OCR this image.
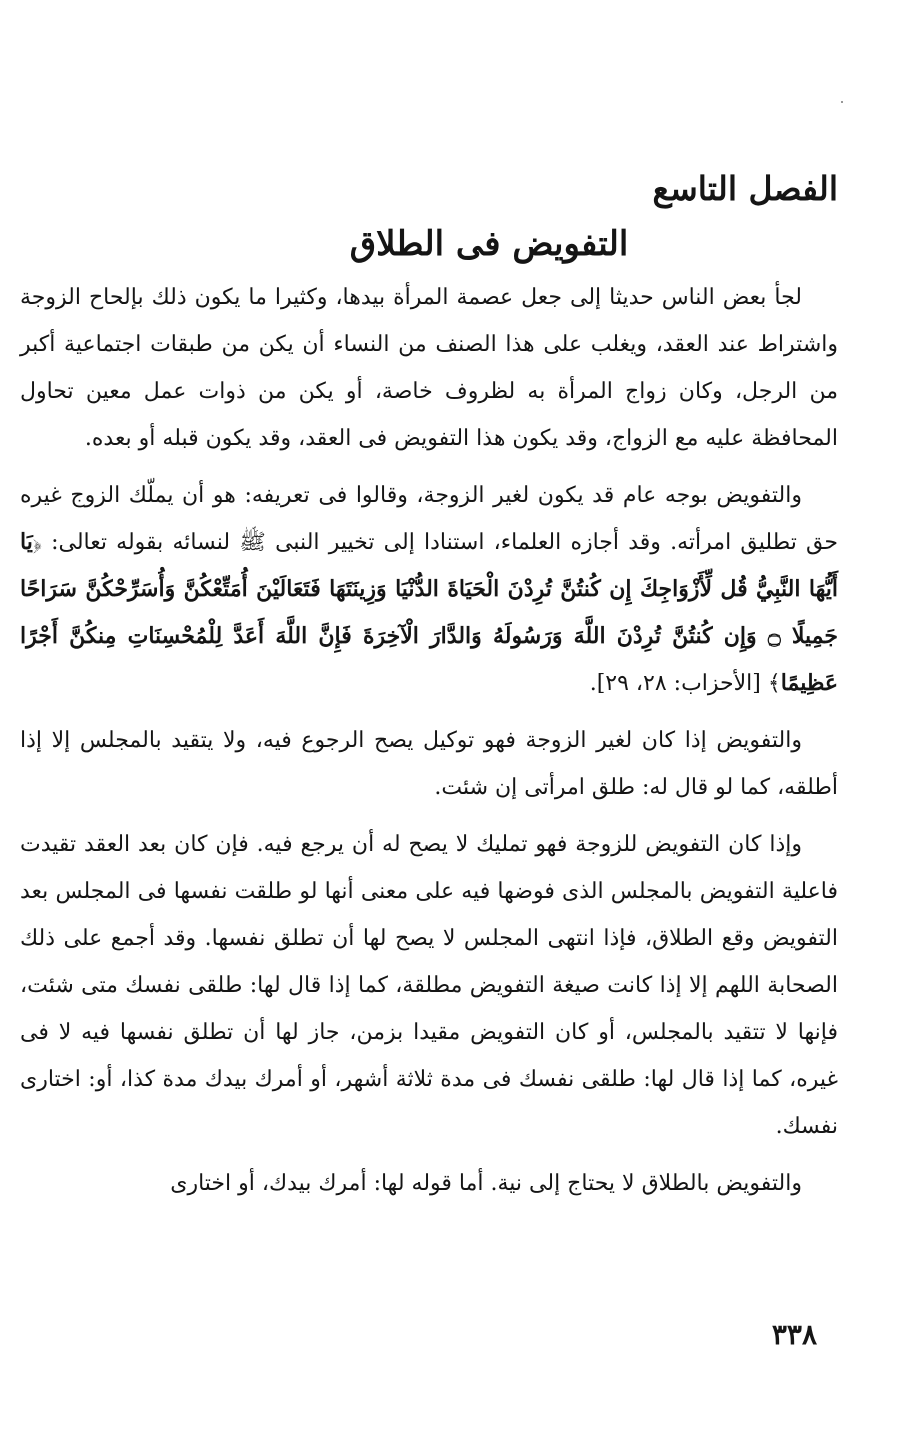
الفصل التاسع
التفويض فى الطلاق

لجأ بعض الناس حديثا إلى جعل عصمة المرأة بيدها، وكثيرا ما يكون ذلك بإلحاح الزوجة واشتراط عند العقد، ويغلب على هذا الصنف من النساء أن يكن من طبقات اجتماعية أكبر من الرجل، وكان زواج المرأة به لظروف خاصة، أو يكن من ذوات عمل معين تحاول المحافظة عليه مع الزواج، وقد يكون هذا التفويض فى العقد، وقد يكون قبله أو بعده.

والتفويض بوجه عام قد يكون لغير الزوجة، وقالوا فى تعريفه: هو أن يملّك الزوج غيره حق تطليق امرأته. وقد أجازه العلماء، استنادا إلى تخيير النبى ﷺ لنسائه بقوله تعالى: ﴿يَا أَيُّهَا النَّبِيُّ قُل لِّأَزْوَاجِكَ إِن كُنتُنَّ تُرِدْنَ الْحَيَاةَ الدُّنْيَا وَزِينَتَهَا فَتَعَالَيْنَ أُمَتِّعْكُنَّ وَأُسَرِّحْكُنَّ سَرَاحًا جَمِيلًا ۝ وَإِن كُنتُنَّ تُرِدْنَ اللَّهَ وَرَسُولَهُ وَالدَّارَ الْآخِرَةَ فَإِنَّ اللَّهَ أَعَدَّ لِلْمُحْسِنَاتِ مِنكُنَّ أَجْرًا عَظِيمًا﴾ [الأحزاب: ٢٨، ٢٩].

والتفويض إذا كان لغير الزوجة فهو توكيل يصح الرجوع فيه، ولا يتقيد بالمجلس إلا إذا أطلقه، كما لو قال له: طلق امرأتى إن شئت.

وإذا كان التفويض للزوجة فهو تمليك لا يصح له أن يرجع فيه. فإن كان بعد العقد تقيدت فاعلية التفويض بالمجلس الذى فوضها فيه على معنى أنها لو طلقت نفسها فى المجلس بعد التفويض وقع الطلاق، فإذا انتهى المجلس لا يصح لها أن تطلق نفسها. وقد أجمع على ذلك الصحابة اللهم إلا إذا كانت صيغة التفويض مطلقة، كما إذا قال لها: طلقى نفسك متى شئت، فإنها لا تتقيد بالمجلس، أو كان التفويض مقيدا بزمن، جاز لها أن تطلق نفسها فيه لا فى غيره، كما إذا قال لها: طلقى نفسك فى مدة ثلاثة أشهر، أو أمرك بيدك مدة كذا، أو: اختارى نفسك.

والتفويض بالطلاق لا يحتاج إلى نية. أما قوله لها: أمرك بيدك، أو اختارى

٣٣٨
